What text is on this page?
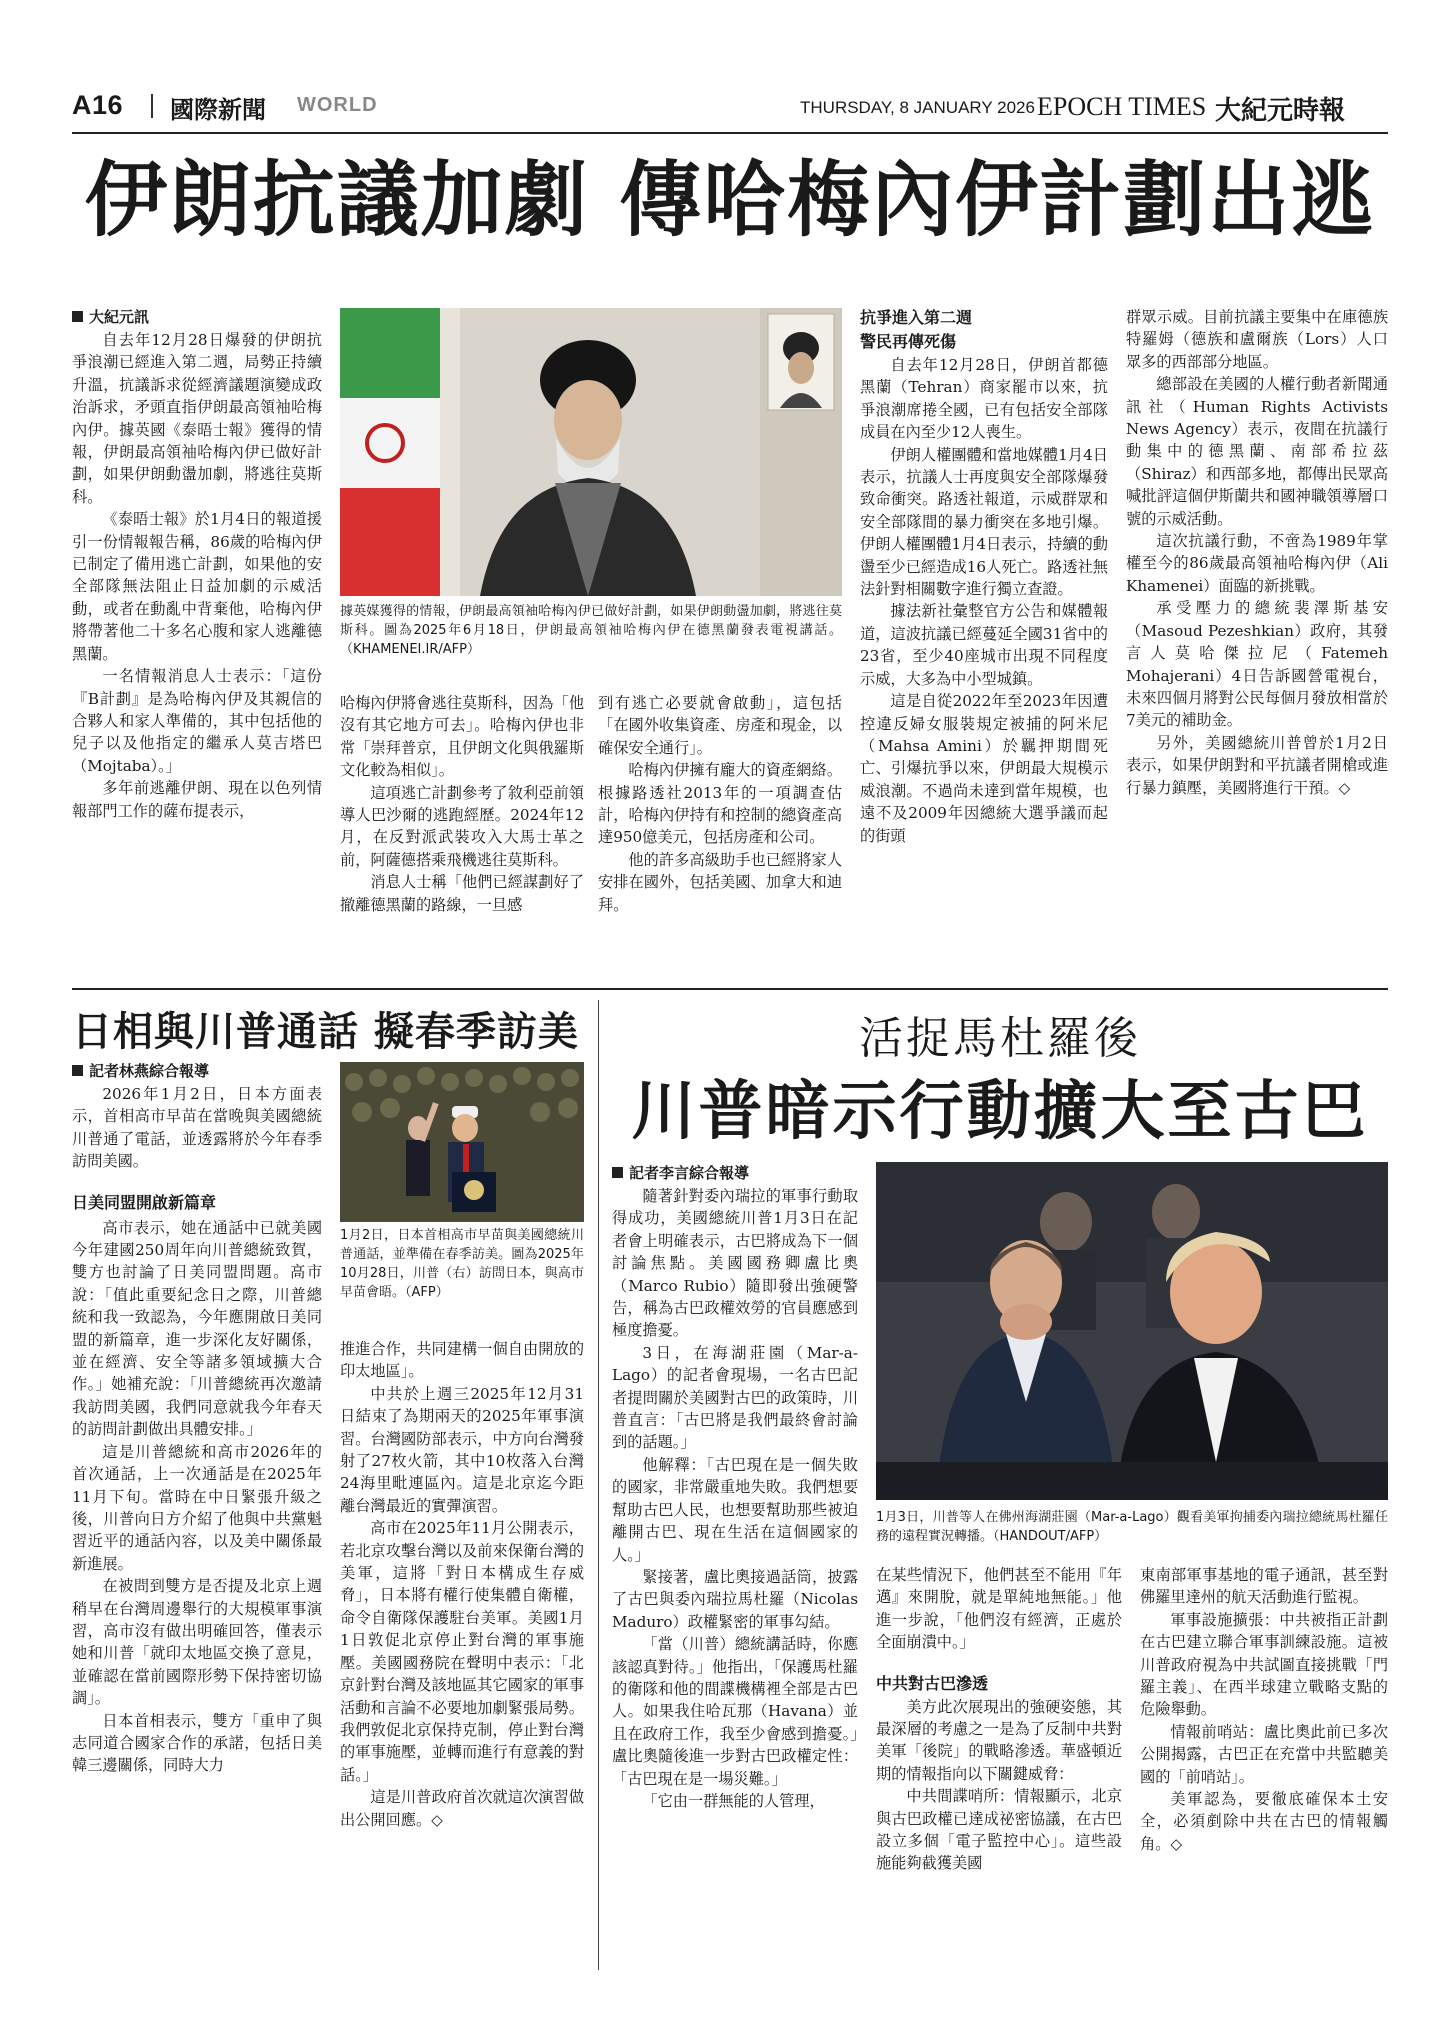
A16 國際新聞 WORLD	THURSDAY, 8 JANUARY 2026 EPOCH TIMES 大紀元時報
伊朗抗議加劇 傳哈梅內伊計劃出逃
大紀元訊

自去年12月28日爆發的伊朗抗爭浪潮已經進入第二週，局勢正持續升溫，抗議訴求從經濟議題演變成政治訴求，矛頭直指伊朗最高領袖哈梅內伊。據英國《泰晤士報》獲得的情報，伊朗最高領袖哈梅內伊已做好計劃，如果伊朗動盪加劇，將逃往莫斯科。

《泰晤士報》於1月4日的報道援引一份情報報告稱，86歲的哈梅內伊已制定了備用逃亡計劃，如果他的安全部隊無法阻止日益加劇的示威活動，或者在動亂中背棄他，哈梅內伊將帶著他二十多名心腹和家人逃離德黑蘭。

一名情報消息人士表示：「這份『B計劃』是為哈梅內伊及其親信的合夥人和家人準備的，其中包括他的兒子以及他指定的繼承人莫吉塔巴（Mojtaba）。」

多年前逃離伊朗、現在以色列情報部門工作的薩布提表示，

據英媒獲得的情報，伊朗最高領袖哈梅內伊已做好計劃，如果伊朗動盪加劇，將逃往莫斯科。圖為2025年6月18日，伊朗最高領袖哈梅內伊在德黑蘭發表電視講話。（KHAMENEI.IR/AFP）

哈梅內伊將會逃往莫斯科，因為「他沒有其它地方可去」。哈梅內伊也非常「崇拜普京，且伊朗文化與俄羅斯文化較為相似」。

這項逃亡計劃參考了敘利亞前領導人巴沙爾的逃跑經歷。2024年12月，在反對派武裝攻入大馬士革之前，阿薩德搭乘飛機逃往莫斯科。

消息人士稱「他們已經謀劃好了撤離德黑蘭的路線，一旦感

到有逃亡必要就會啟動」，這包括「在國外收集資產、房產和現金，以確保安全通行」。

哈梅內伊擁有龐大的資產網絡。根據路透社2013年的一項調查估計，哈梅內伊持有和控制的總資產高達950億美元，包括房產和公司。

他的許多高級助手也已經將家人安排在國外，包括美國、加拿大和迪拜。

抗爭進入第二週
警民再傳死傷

自去年12月28日，伊朗首都德黑蘭（Tehran）商家罷市以來，抗爭浪潮席捲全國，已有包括安全部隊成員在內至少12人喪生。

伊朗人權團體和當地媒體1月4日表示，抗議人士再度與安全部隊爆發致命衝突。路透社報道，示威群眾和安全部隊間的暴力衝突在多地引爆。伊朗人權團體1月4日表示，持續的動盪至少已經造成16人死亡。路透社無法針對相關數字進行獨立查證。

據法新社彙整官方公告和媒體報道，這波抗議已經蔓延全國31省中的23省，至少40座城市出現不同程度示威，大多為中小型城鎮。

這是自從2022年至2023年因遭控違反婦女服裝規定被捕的阿米尼（Mahsa Amini）於羈押期間死亡、引爆抗爭以來，伊朗最大規模示威浪潮。不過尚未達到當年規模，也遠不及2009年因總統大選爭議而起的街頭

群眾示威。目前抗議主要集中在庫德族特羅姆（德族和盧爾族（Lors）人口眾多的西部部分地區。

總部設在美國的人權行動者新聞通訊社（Human Rights Activists News Agency）表示，夜間在抗議行動集中的德黑蘭、南部希拉茲（Shiraz）和西部多地，都傳出民眾高喊批評這個伊斯蘭共和國神職領導層口號的示威活動。

這次抗議行動，不啻為1989年掌權至今的86歲最高領袖哈梅內伊（Ali Khamenei）面臨的新挑戰。

承受壓力的總統裴澤斯基安（Masoud Pezeshkian）政府，其發言人莫哈傑拉尼（Fatemeh Mohajerani）4日告訴國營電視台，未來四個月將對公民每個月發放相當於7美元的補助金。

另外，美國總統川普曾於1月2日表示，如果伊朗對和平抗議者開槍或進行暴力鎮壓，美國將進行干預。◇

日相與川普通話 擬春季訪美
記者林燕綜合報導

2026年1月2日，日本方面表示，首相高市早苗在當晚與美國總統川普通了電話，並透露將於今年春季訪問美國。

日美同盟開啟新篇章

高市表示，她在通話中已就美國今年建國250周年向川普總統致賀，雙方也討論了日美同盟問題。高市說：「值此重要紀念日之際，川普總統和我一致認為，今年應開啟日美同盟的新篇章，進一步深化友好關係，並在經濟、安全等諸多領域擴大合作。」她補充說：「川普總統再次邀請我訪問美國，我們同意就我今年春天的訪問計劃做出具體安排。」

這是川普總統和高市2026年的首次通話，上一次通話是在2025年11月下旬。當時在中日緊張升級之後，川普向日方介紹了他與中共黨魁習近平的通話內容，以及美中關係最新進展。

在被問到雙方是否提及北京上週稍早在台灣周邊舉行的大規模軍事演習，高市沒有做出明確回答，僅表示她和川普「就印太地區交換了意見，並確認在當前國際形勢下保持密切協調」。

日本首相表示，雙方「重申了與志同道合國家合作的承諾，包括日美韓三邊關係，同時大力

1月2日，日本首相高市早苗與美國總統川普通話，並準備在春季訪美。圖為2025年10月28日，川普（右）訪問日本，與高市早苗會晤。（AFP）

推進合作，共同建構一個自由開放的印太地區」。

中共於上週三2025年12月31日結束了為期兩天的2025年軍事演習。台灣國防部表示，中方向台灣發射了27枚火箭，其中10枚落入台灣24海里毗連區內。這是北京迄今距離台灣最近的實彈演習。

高市在2025年11月公開表示，若北京攻擊台灣以及前來保衛台灣的美軍，這將「對日本構成生存威脅」，日本將有權行使集體自衛權，命令自衛隊保護駐台美軍。美國1月1日敦促北京停止對台灣的軍事施壓。美國國務院在聲明中表示：「北京針對台灣及該地區其它國家的軍事活動和言論不必要地加劇緊張局勢。我們敦促北京保持克制，停止對台灣的軍事施壓，並轉而進行有意義的對話。」

這是川普政府首次就這次演習做出公開回應。◇

活捉馬杜羅後
川普暗示行動擴大至古巴
記者李言綜合報導

隨著針對委內瑞拉的軍事行動取得成功，美國總統川普1月3日在記者會上明確表示，古巴將成為下一個討論焦點。美國國務卿盧比奧（Marco Rubio）隨即發出強硬警告，稱為古巴政權效勞的官員應感到極度擔憂。

3日，在海湖莊園（Mar-a-Lago）的記者會現場，一名古巴記者提問關於美國對古巴的政策時，川普直言：「古巴將是我們最終會討論到的話題。」

他解釋：「古巴現在是一個失敗的國家，非常嚴重地失敗。我們想要幫助古巴人民，也想要幫助那些被迫離開古巴、現在生活在這個國家的人。」

緊接著，盧比奧接過話筒，披露了古巴與委內瑞拉馬杜羅（Nicolas Maduro）政權緊密的軍事勾結。

「當（川普）總統講話時，你應該認真對待。」他指出，「保護馬杜羅的衛隊和他的間諜機構裡全部是古巴人。如果我住哈瓦那（Havana）並且在政府工作，我至少會感到擔憂。」盧比奧隨後進一步對古巴政權定性：「古巴現在是一場災難。」

「它由一群無能的人管理，

1月3日，川普等人在佛州海湖莊園（Mar-a-Lago）觀看美軍拘捕委內瑞拉總統馬杜羅任務的遠程實況轉播。（HANDOUT/AFP）

在某些情況下，他們甚至不能用『年邁』來開脫，就是單純地無能。」他進一步說，「他們沒有經濟，正處於全面崩潰中。」

中共對古巴滲透

美方此次展現出的強硬姿態，其最深層的考慮之一是為了反制中共對美軍「後院」的戰略滲透。華盛頓近期的情報指向以下關鍵威脅：

中共間諜哨所：情報顯示，北京與古巴政權已達成祕密協議，在古巴設立多個「電子監控中心」。這些設施能夠截獲美國

東南部軍事基地的電子通訊，甚至對佛羅里達州的航天活動進行監視。

軍事設施擴張：中共被指正計劃在古巴建立聯合軍事訓練設施。這被川普政府視為中共試圖直接挑戰「門羅主義」、在西半球建立戰略支點的危險舉動。

情報前哨站：盧比奧此前已多次公開揭露，古巴正在充當中共監聽美國的「前哨站」。

美軍認為，要徹底確保本土安全，必須剷除中共在古巴的情報觸角。◇
